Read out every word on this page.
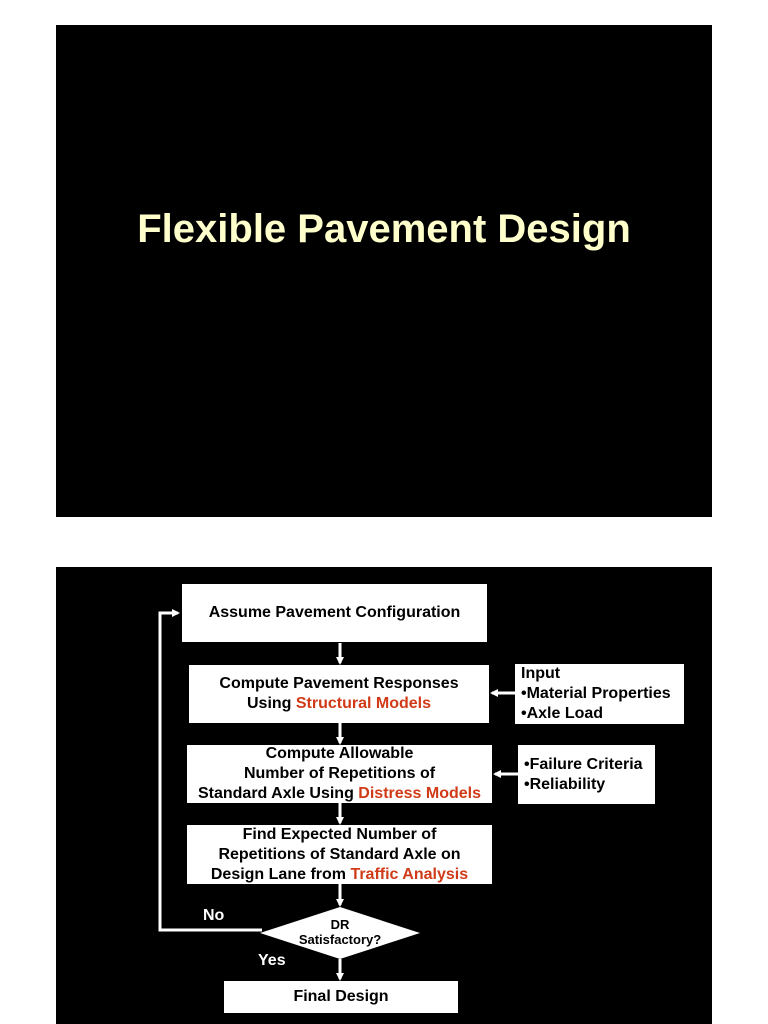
Flexible Pavement Design
Assume Pavement Configuration
Compute Pavement Responses
Using Structural Models
Compute Allowable
Number of Repetitions of
Standard Axle Using Distress Models
Find Expected Number of
Repetitions of Standard Axle on
Design Lane from Traffic Analysis
Input
•Material Properties
•Axle Load
•Failure Criteria
•Reliability
DR
Satisfactory?
No
Yes
Final Design
